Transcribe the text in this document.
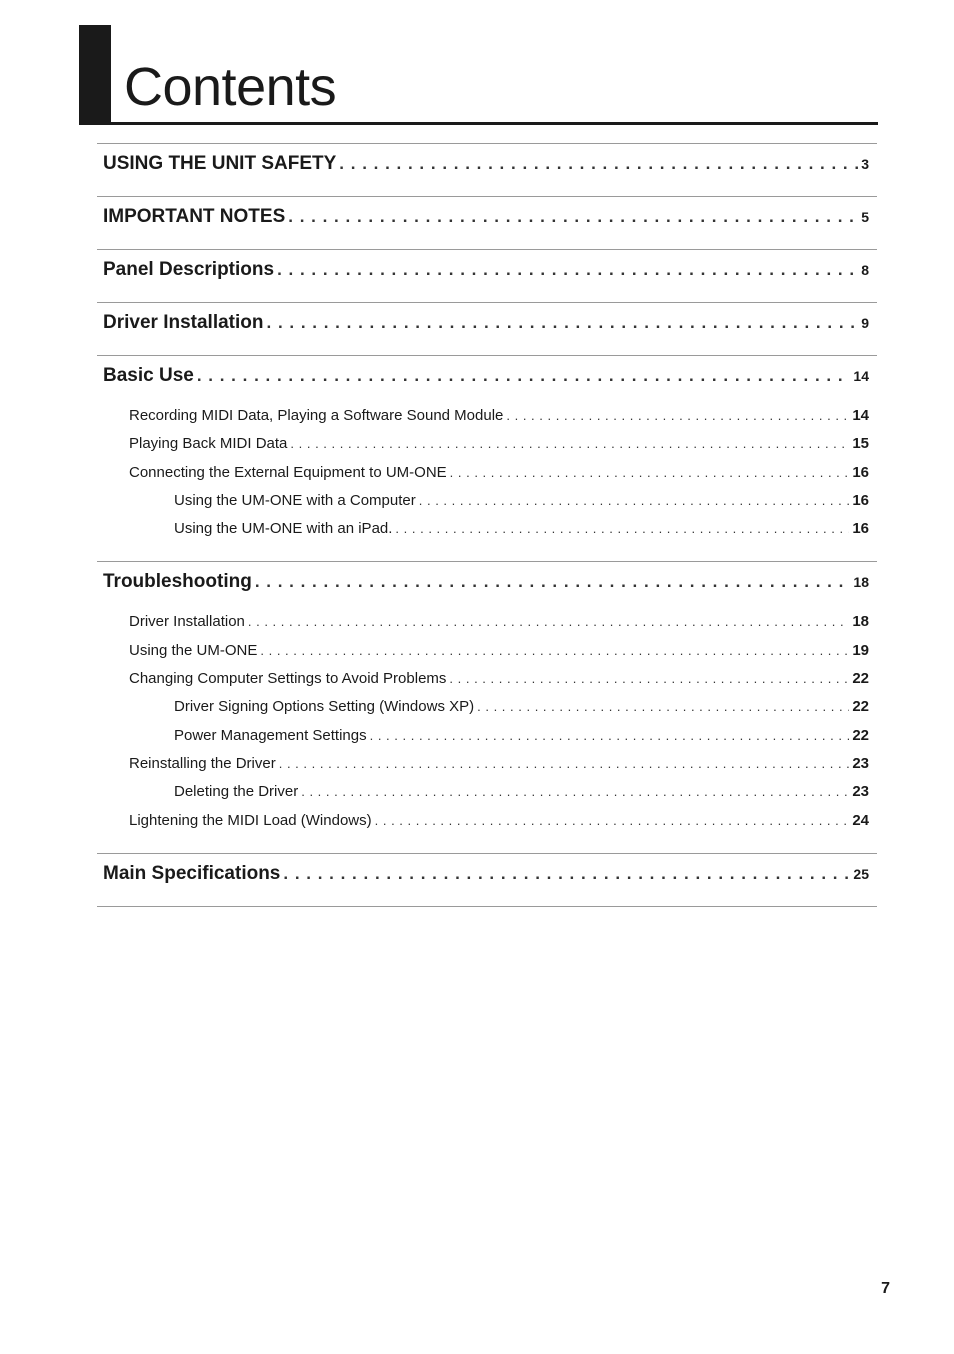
Contents
USING THE UNIT SAFETY . . .	3
IMPORTANT NOTES . . .	5
Panel Descriptions . . .	8
Driver Installation . . .	9
Basic Use . . .	14
Recording MIDI Data, Playing a Software Sound Module . . .	14
Playing Back MIDI Data . . .	15
Connecting the External Equipment to UM-ONE . . .	16
Using the UM-ONE with a Computer . . .	16
Using the UM-ONE with an iPad. . . .	16
Troubleshooting . . .	18
Driver Installation . . .	18
Using the UM-ONE . . .	19
Changing Computer Settings to Avoid Problems . . .	22
Driver Signing Options Setting (Windows XP) . . .	22
Power Management Settings . . .	22
Reinstalling the Driver . . .	23
Deleting the Driver . . .	23
Lightening the MIDI Load (Windows) . . .	24
Main Specifications . . .	25
7
